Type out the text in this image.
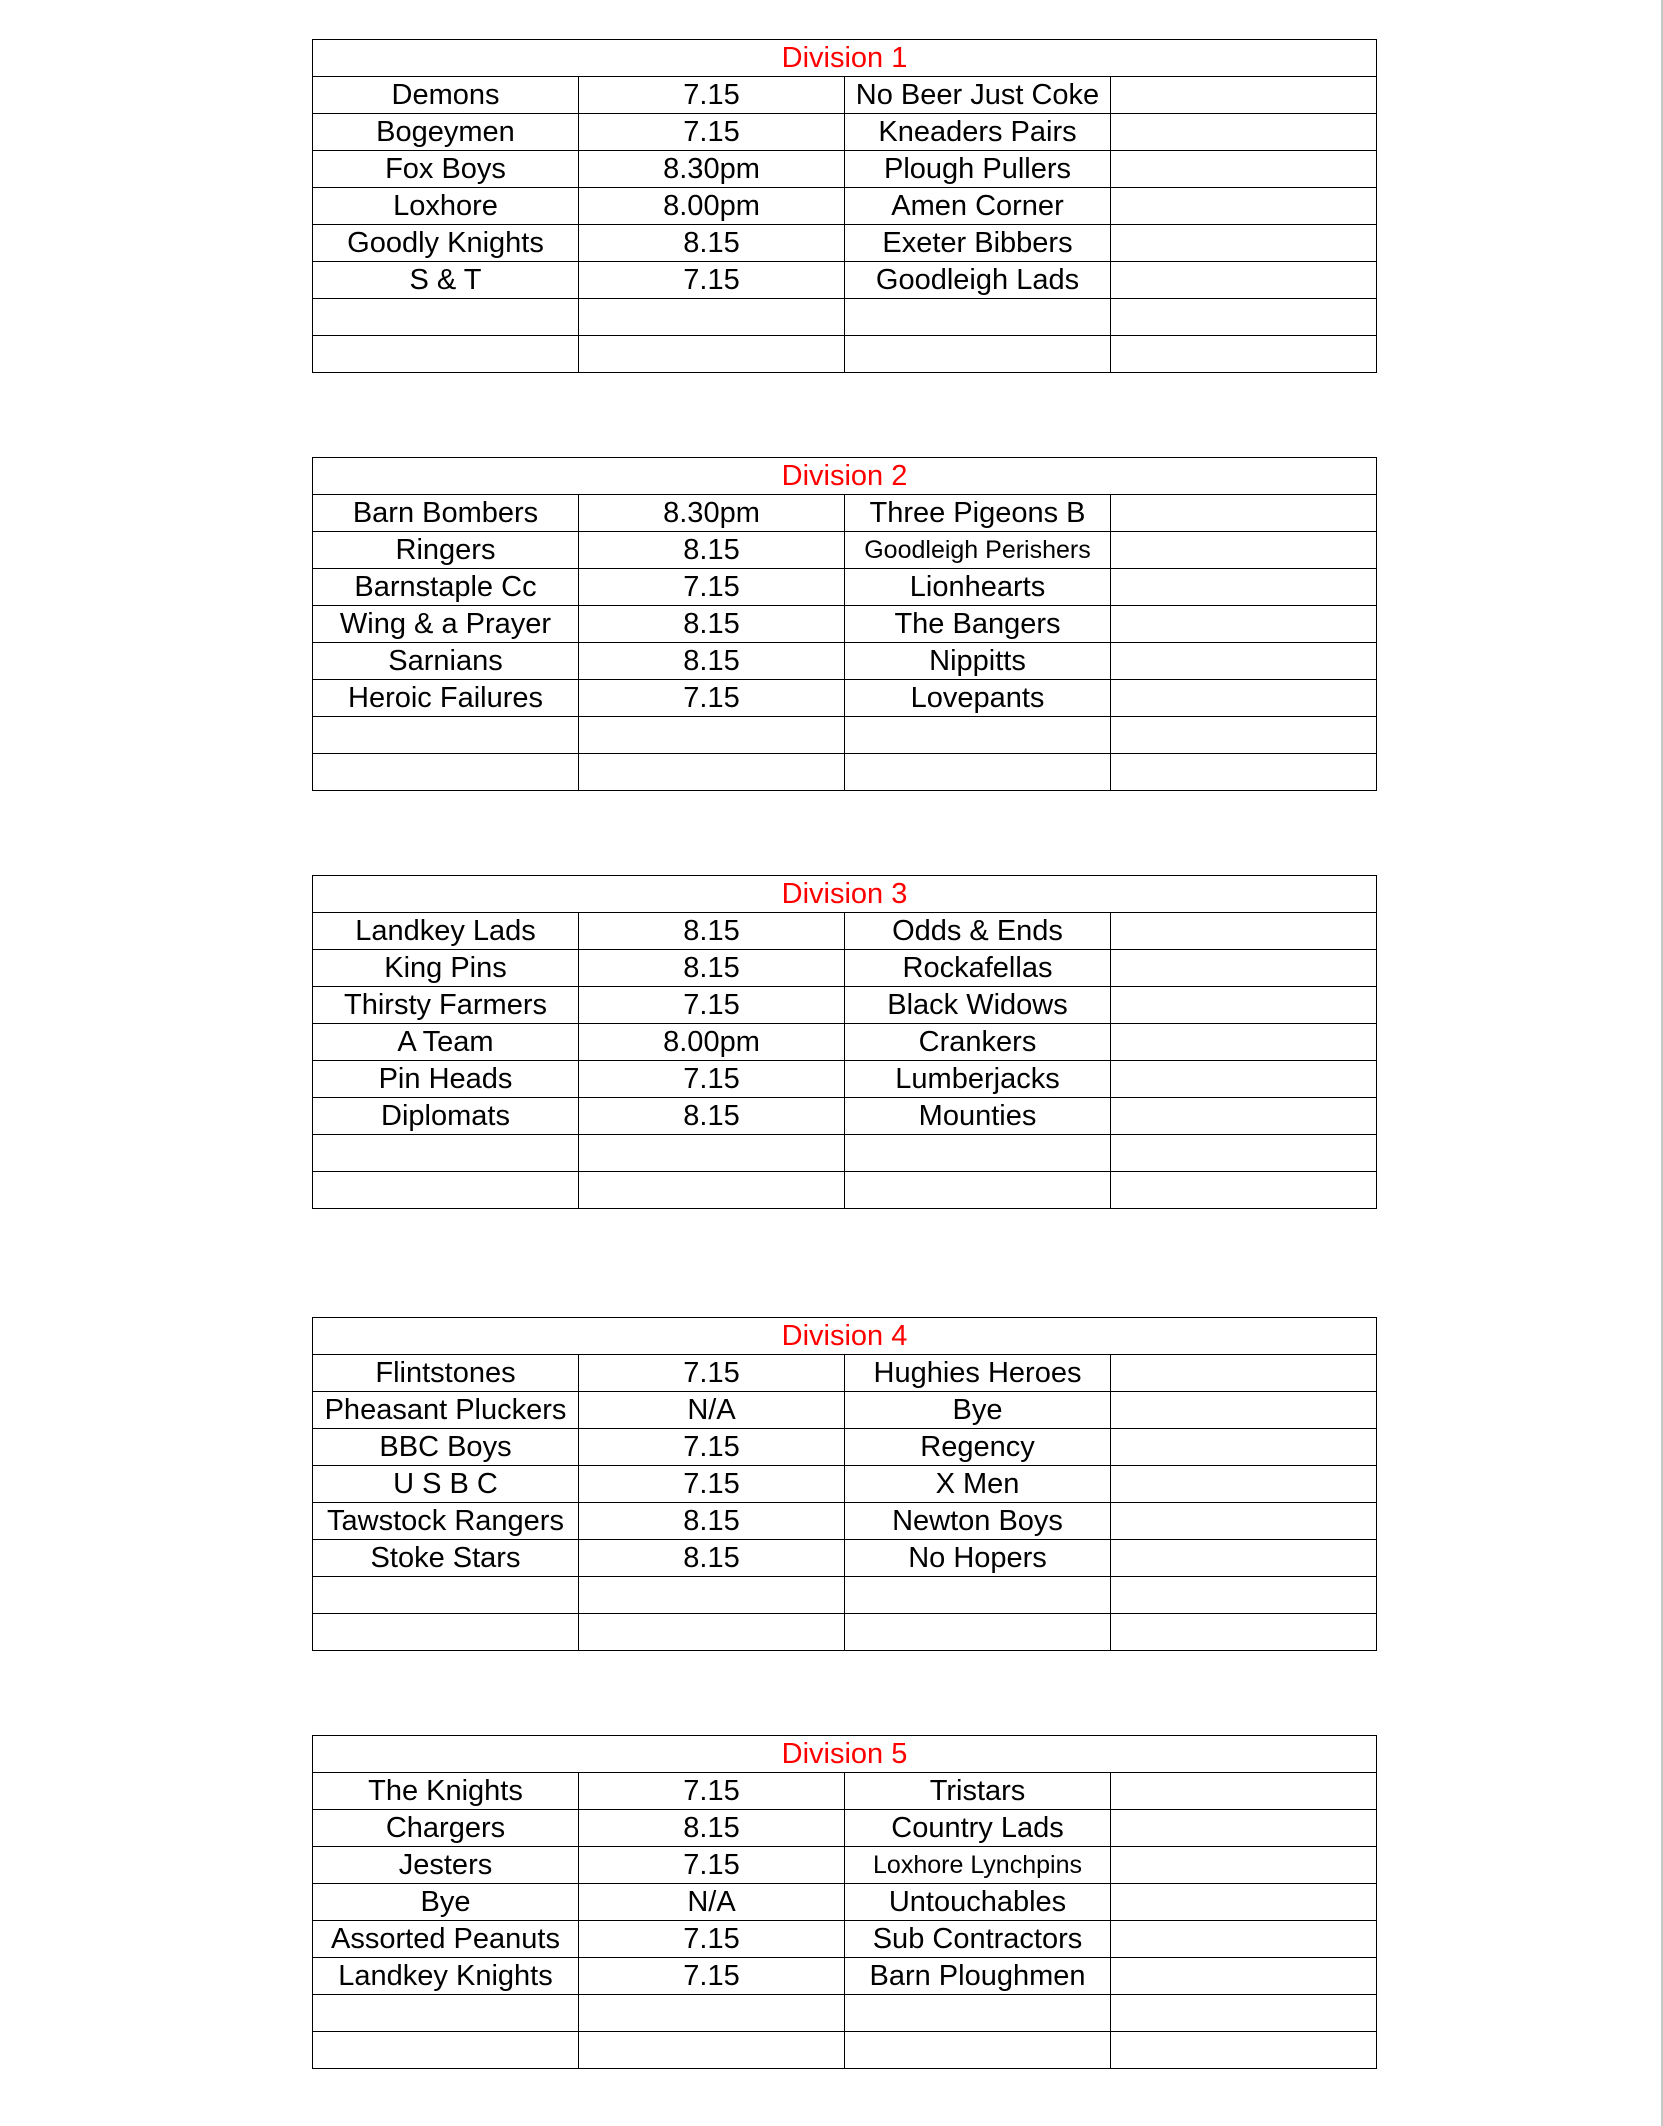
Division 1			
Demons	7.15	No Beer Just Coke	
Bogeymen	7.15	Kneaders Pairs	
Fox Boys	8.30pm	Plough Pullers	
Loxhore	8.00pm	Amen Corner	
Goodly Knights	8.15	Exeter Bibbers	
S & T	7.15	Goodleigh Lads	

Division 2			
Barn Bombers	8.30pm	Three Pigeons B	
Ringers	8.15	Goodleigh Perishers	
Barnstaple Cc	7.15	Lionhearts	
Wing & a Prayer	8.15	The Bangers	
Sarnians	8.15	Nippitts	
Heroic Failures	7.15	Lovepants	

Division 3			
Landkey Lads	8.15	Odds & Ends	
King Pins	8.15	Rockafellas	
Thirsty Farmers	7.15	Black Widows	
A Team	8.00pm	Crankers	
Pin Heads	7.15	Lumberjacks	
Diplomats	8.15	Mounties	

Division 4			
Flintstones	7.15	Hughies Heroes	
Pheasant Pluckers	N/A	Bye	
BBC Boys	7.15	Regency	
U S B C	7.15	X Men	
Tawstock Rangers	8.15	Newton Boys	
Stoke Stars	8.15	No Hopers	

Division 5			
The Knights	7.15	Tristars	
Chargers	8.15	Country Lads	
Jesters	7.15	Loxhore Lynchpins	
Bye	N/A	Untouchables	
Assorted Peanuts	7.15	Sub Contractors	
Landkey Knights	7.15	Barn Ploughmen	
